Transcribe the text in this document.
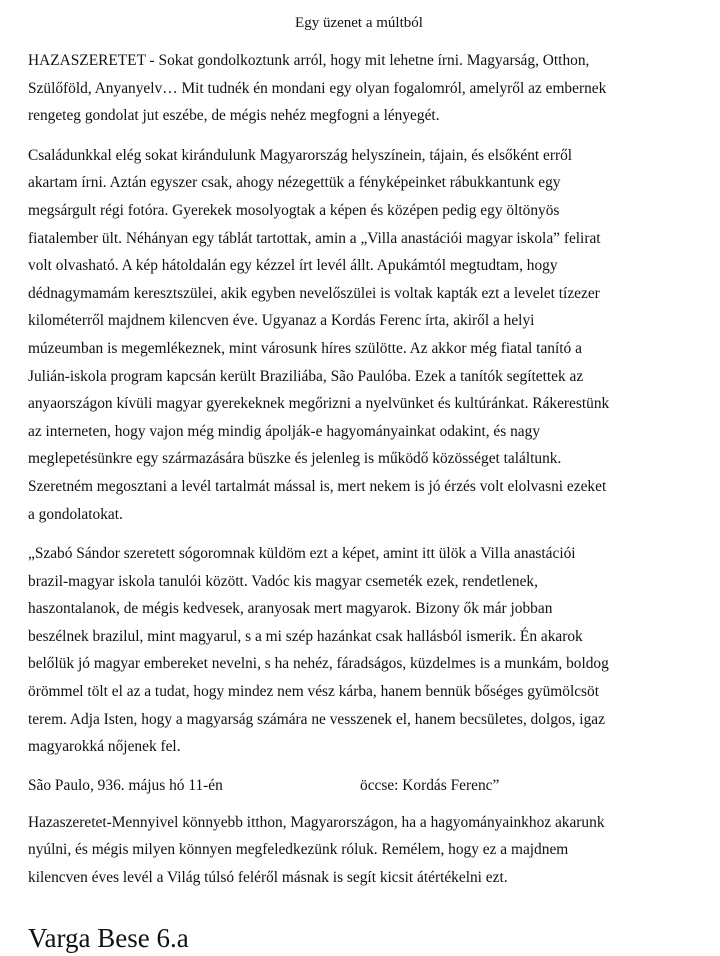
Egy üzenet a múltból
HAZASZERETET - Sokat gondolkoztunk arról, hogy mit lehetne írni. Magyarság, Otthon,
Szülőföld, Anyanyelv… Mit tudnék én mondani egy olyan fogalomról, amelyről az embernek
rengeteg gondolat jut eszébe, de mégis nehéz megfogni a lényegét.
Családunkkal elég sokat kirándulunk Magyarország helyszínein, tájain, és elsőként erről
akartam írni. Aztán egyszer csak, ahogy nézegettük a fényképeinket rábukkantunk egy
megsárgult régi fotóra. Gyerekek mosolyogtak a képen és középen pedig egy öltönyös
fiatalember ült. Néhányan egy táblát tartottak, amin a „Villa anastációi magyar iskola” felirat
volt olvasható. A kép hátoldalán egy kézzel írt levél állt. Apukámtól megtudtam, hogy
dédnagymamám keresztszülei, akik egyben nevelőszülei is voltak kapták ezt a levelet tízezer
kilométerről majdnem kilencven éve. Ugyanaz a Kordás Ferenc írta, akiről a helyi
múzeumban is megemlékeznek, mint városunk híres szülötte. Az akkor még fiatal tanító a
Julián-iskola program kapcsán került Braziliába, São Paulóba. Ezek a tanítók segítettek az
anyaországon kívüli magyar gyerekeknek megőrizni a nyelvünket és kultúránkat. Rákerestünk
az interneten, hogy vajon még mindig ápolják-e hagyományainkat odakint, és nagy
meglepetésünkre egy származására büszke és jelenleg is működő közösséget találtunk.
Szeretném megosztani a levél tartalmát mással is, mert nekem is jó érzés volt elolvasni ezeket
a gondolatokat.
„Szabó Sándor szeretett sógoromnak küldöm ezt a képet, amint itt ülök a Villa anastációi
brazil-magyar iskola tanulói között. Vadóc kis magyar csemeték ezek, rendetlenek,
haszontalanok, de mégis kedvesek, aranyosak mert magyarok. Bizony ők már jobban
beszélnek brazilul, mint magyarul, s a mi szép hazánkat csak hallásból ismerik. Én akarok
belőlük jó magyar embereket nevelni, s ha nehéz, fáradságos, küzdelmes is a munkám, boldog
örömmel tölt el az a tudat, hogy mindez nem vész kárba, hanem bennük bőséges gyümölcsöt
terem. Adja Isten, hogy a magyarság számára ne vesszenek el, hanem becsületes, dolgos, igaz
magyarokká nőjenek fel.
São Paulo, 936. május hó 11-én	öccse: Kordás Ferenc”
Hazaszeretet-Mennyivel könnyebb itthon, Magyarországon, ha a hagyományainkhoz akarunk
nyúlni, és mégis milyen könnyen megfeledkezünk róluk. Remélem, hogy ez a majdnem
kilencven éves levél a Világ túlsó feléről másnak is segít kicsit átértékelni ezt.
Varga Bese 6.a
